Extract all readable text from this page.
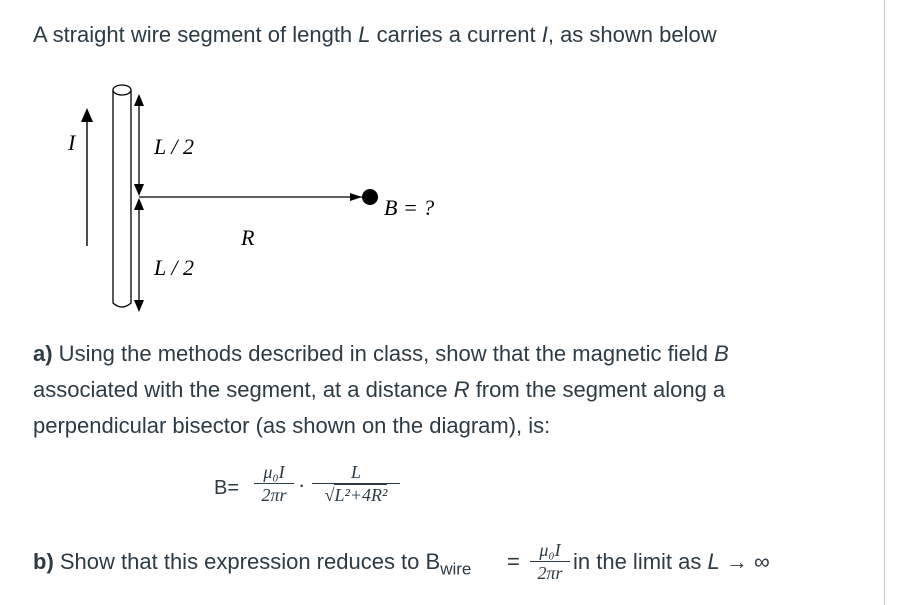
A straight wire segment of length L carries a current I, as shown below
I	L / 2
L / 2
R
B = ?
a) Using the methods described in class, show that the magnetic field B associated with the segment, at a distance R from the segment along a perpendicular bisector (as shown on the diagram), is:
B=
μ₀I
2πr ·	L
√L²+4R²
b) Show that this expression reduces to $B_{wire}$ =	μ₀I
2πr in the limit as L → ∞
